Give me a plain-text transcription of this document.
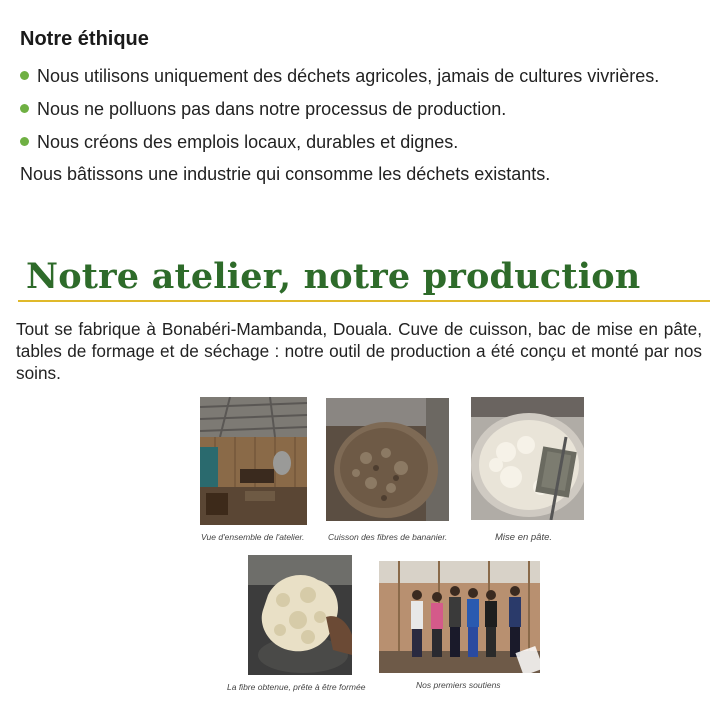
Notre éthique
Nous utilisons uniquement des déchets agricoles, jamais de cultures vivrières.
Nous ne polluons pas dans notre processus de production.
Nous créons des emplois locaux, durables et dignes.
Nous bâtissons une industrie qui consomme les déchets existants.
Notre atelier, notre production
Tout se fabrique à Bonabéri-Mambanda, Douala. Cuve de cuisson, bac de mise en pâte, tables de formage et de séchage : notre outil de production a été conçu et monté par nos soins.
Vue d'ensemble de l'atelier.	Cuisson des fibres de bananier.	Mise en pâte.
La fibre obtenue, prête à être formée	Nos premiers soutiens
